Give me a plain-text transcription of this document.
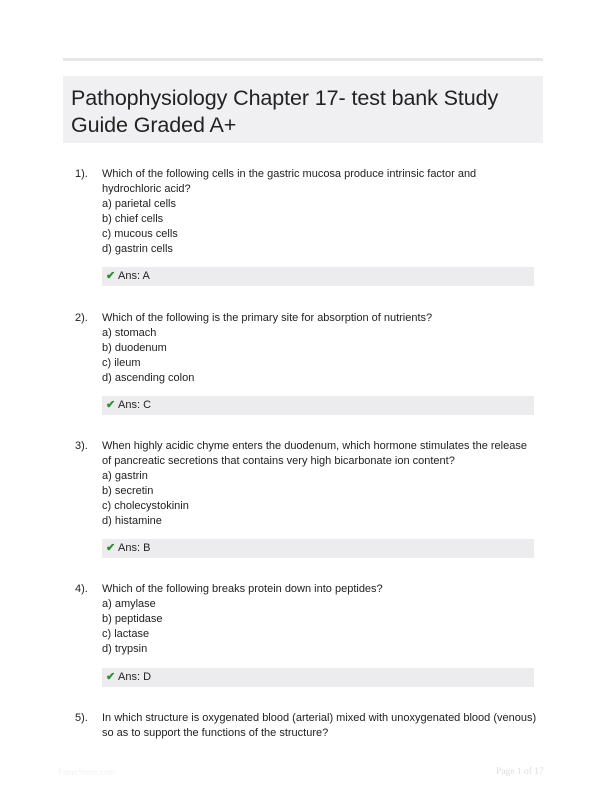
Pathophysiology Chapter 17- test bank Study Guide Graded A+
1). Which of the following cells in the gastric mucosa produce intrinsic factor and hydrochloric acid?
a) parietal cells
b) chief cells
c) mucous cells
d) gastrin cells
✔ Ans: A
2). Which of the following is the primary site for absorption of nutrients?
a) stomach
b) duodenum
c) ileum
d) ascending colon
✔ Ans: C
3). When highly acidic chyme enters the duodenum, which hormone stimulates the release of pancreatic secretions that contains very high bicarbonate ion content?
a) gastrin
b) secretin
c) cholecystokinin
d) histamine
✔ Ans: B
4). Which of the following breaks protein down into peptides?
a) amylase
b) peptidase
c) lactase
d) trypsin
✔ Ans: D
5). In which structure is oxygenated blood (arterial) mixed with unoxygenated blood (venous) so as to support the functions of the structure?
PaperStore.com	Page 1 of 17
